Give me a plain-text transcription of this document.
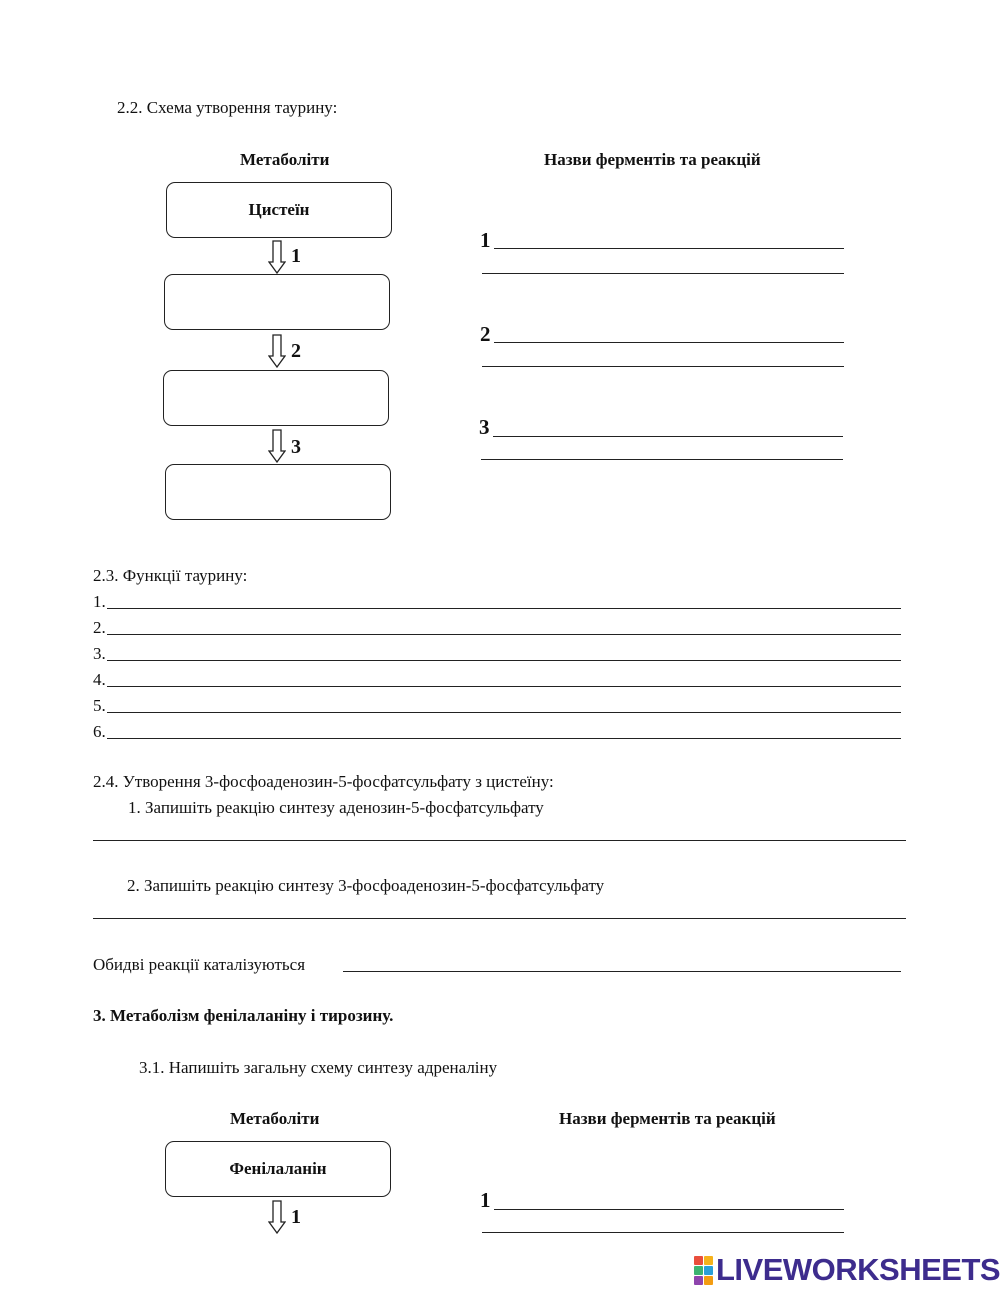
2.2. Схема утворення таурину:
Метаболіти	Назви ферментів та реакцій
Цистеїн
1
2
3
1
2
3
2.3. Функції таурину:
1.
2.
3.
4.
5.
6.
2.4. Утворення 3-фосфоаденозин-5-фосфатсульфату з цистеїну:
1. Запишіть реакцію синтезу аденозин-5-фосфатсульфату
2. Запишіть реакцію синтезу 3-фосфоаденозин-5-фосфатсульфату
Обидві реакції каталізуються
3. Метаболізм фенілаланіну і тирозину.
3.1. Напишіть загальну схему синтезу адреналіну
Метаболіти	Назви ферментів та реакцій
Фенілаланін
1
1
LIVEWORKSHEETS
